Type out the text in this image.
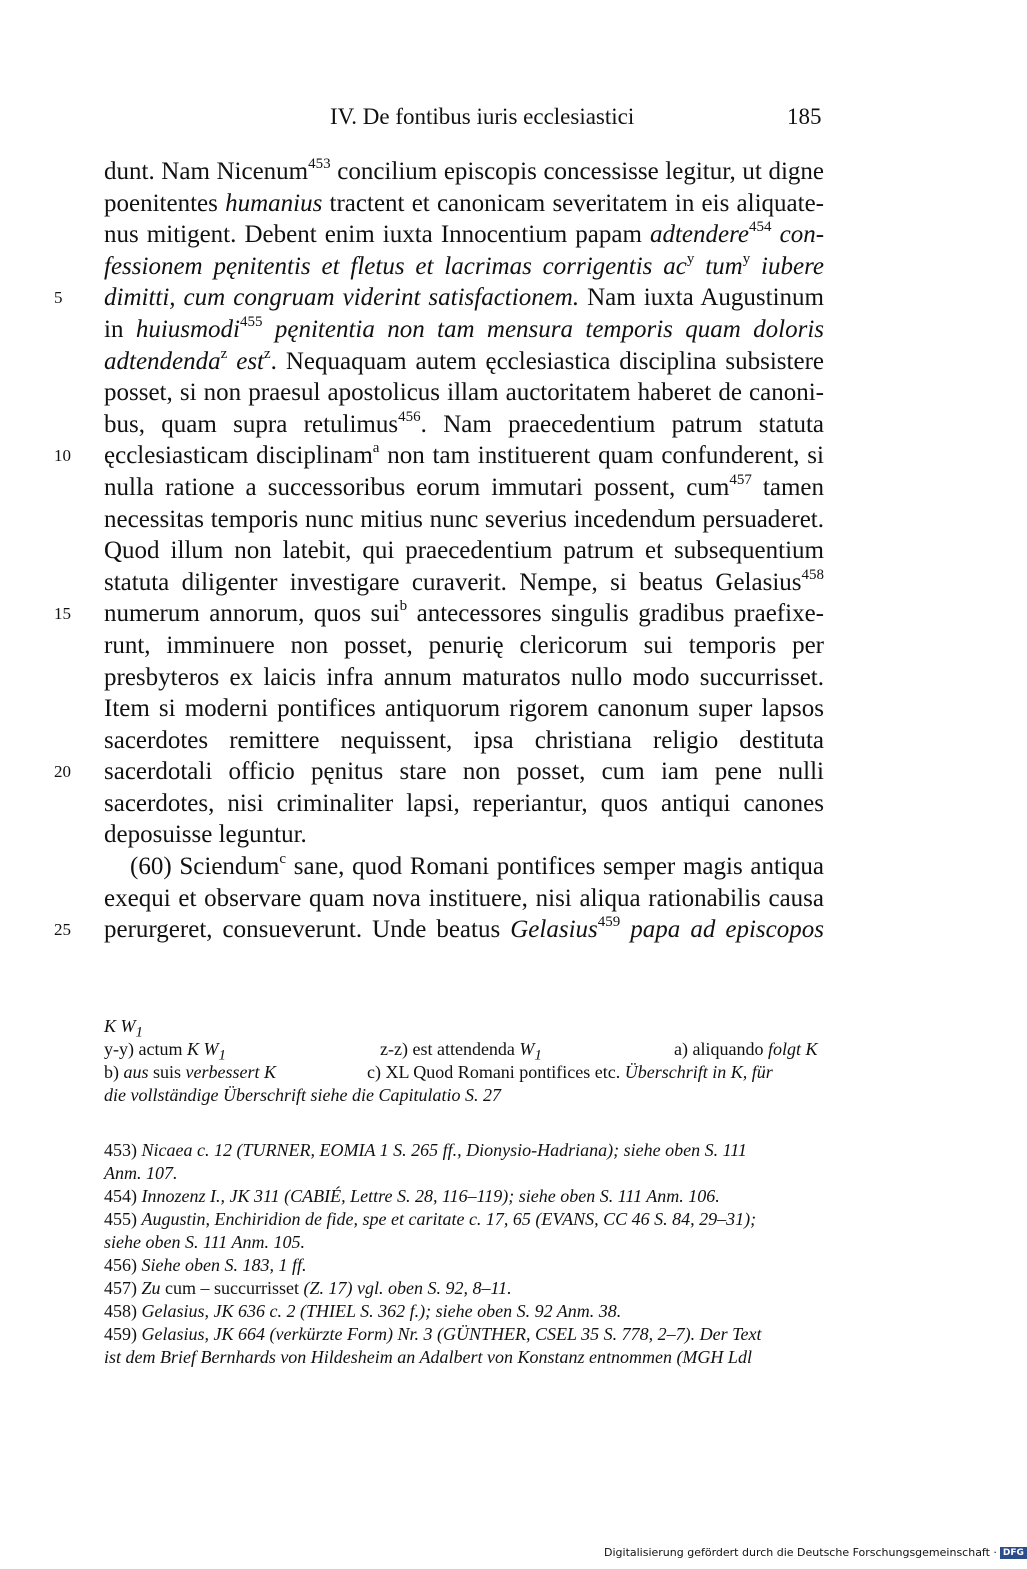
IV. De fontibus iuris ecclesiastici	185
dunt. Nam Nicenum$^{453}$ concilium episcopis concessisse legitur, ut digne
poenitentes humanius tractent et canonicam severitatem in eis aliquate-
nus mitigent. Debent enim iuxta Innocentium papam adtendere$^{454}$ con-
fessionem pęnitentis et fletus et lacrimas corrigentis $ac^y$ tum$^y$ iubere
dimitti, cum congruam viderint satisfactionem. Nam iuxta Augustinum
5
in huiusmodi$^{455}$ pęnitentia non tam mensura temporis quam doloris
adtendenda$^z$ est$^z$. Nequaquam autem ęcclesiastica disciplina subsistere
posset, si non praesul apostolicus illam auctoritatem haberet de canoni-
bus, quam supra retulimus$^{456}$. Nam praecedentium patrum statuta
ęcclesiasticam disciplinam$^a$ non tam instituerent quam confunderent, si
10
nulla ratione a successoribus eorum immutari possent, cum$^{457}$ tamen
necessitas temporis nunc mitius nunc severius incedendum persuaderet.
Quod illum non latebit, qui praecedentium patrum et subsequentium
statuta diligenter investigare curaverit. Nempe, si beatus Gelasius$^{458}$
numerum annorum, quos sui$^b$ antecessores singulis gradibus praefixe-
15
runt, imminuere non posset, penurię clericorum sui temporis per
presbyteros ex laicis infra annum maturatos nullo modo succurrisset.
Item si moderni pontifices antiquorum rigorem canonum super lapsos
sacerdotes remittere nequissent, ipsa christiana religio destituta
sacerdotali officio pęnitus stare non posset, cum iam pene nulli
20
sacerdotes, nisi criminaliter lapsi, reperiantur, quos antiqui canones
deposuisse leguntur.
(60) Sciendum$^c$ sane, quod Romani pontifices semper magis antiqua
exequi et observare quam nova instituere, nisi aliqua rationabilis causa
perurgeret, consueverunt. Unde beatus Gelasius$^{459}$ papa ad episcopos
25
K $W_1$
y-y) actum K $W_1$	z-z) est attendenda $W_1$	a) aliquando folgt K
b) aus suis verbessert K	c) XL Quod Romani pontifices etc. Überschrift in K, für
die vollständige Überschrift siehe die Capitulatio S. 27
453) Nicaea c. 12 (TURNER, EOMIA 1 S. 265 ff., Dionysio-Hadriana); siehe oben S. 111
Anm. 107.
454) Innozenz I., JK 311 (CABIÉ, Lettre S. 28, 116–119); siehe oben S. 111 Anm. 106.
455) Augustin, Enchiridion de fide, spe et caritate c. 17, 65 (EVANS, CC 46 S. 84, 29–31);
siehe oben S. 111 Anm. 105.
456) Siehe oben S. 183, 1 ff.
457) Zu cum – succurrisset (Z. 17) vgl. oben S. 92, 8–11.
458) Gelasius, JK 636 c. 2 (THIEL S. 362 f.); siehe oben S. 92 Anm. 38.
459) Gelasius, JK 664 (verkürzte Form) Nr. 3 (GÜNTHER, CSEL 35 S. 778, 2–7). Der Text
ist dem Brief Bernhards von Hildesheim an Adalbert von Konstanz entnommen (MGH Ldl
Digitalisierung gefördert durch die Deutsche Forschungsgemeinschaft · DFG
